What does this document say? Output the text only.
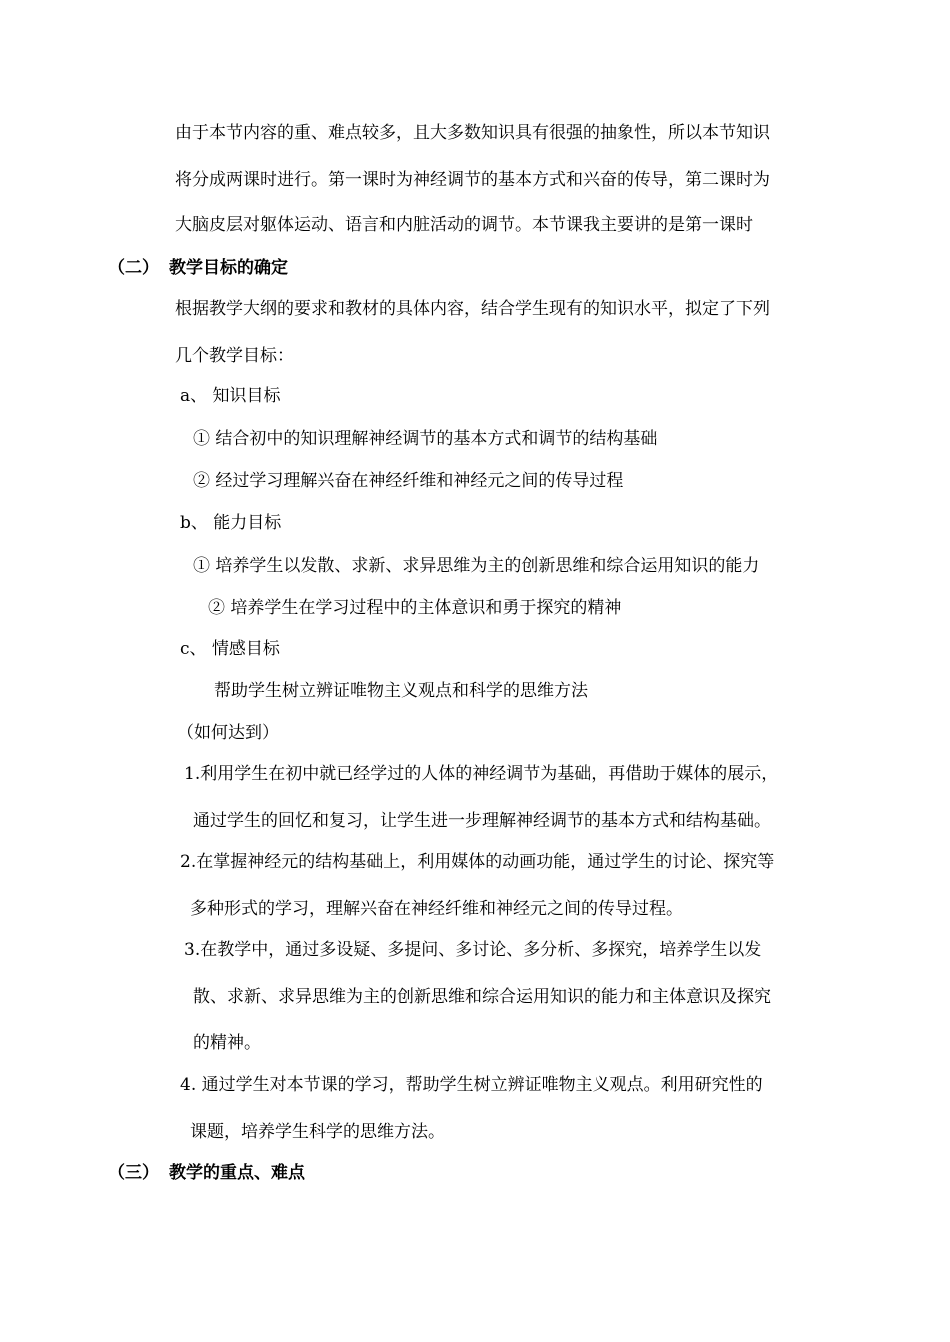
由于本节内容的重、难点较多，且大多数知识具有很强的抽象性，所以本节知识
将分成两课时进行。第一课时为神经调节的基本方式和兴奋的传导，第二课时为
大脑皮层对躯体运动、语言和内脏活动的调节。本节课我主要讲的是第一课时
（二） 教学目标的确定
根据教学大纲的要求和教材的具体内容，结合学生现有的知识水平，拟定了下列
几个教学目标：
a、 知识目标
① 结合初中的知识理解神经调节的基本方式和调节的结构基础
② 经过学习理解兴奋在神经纤维和神经元之间的传导过程
b、 能力目标
① 培养学生以发散、求新、求异思维为主的创新思维和综合运用知识的能力
② 培养学生在学习过程中的主体意识和勇于探究的精神
c、 情感目标
帮助学生树立辨证唯物主义观点和科学的思维方法
（如何达到）
1.利用学生在初中就已经学过的人体的神经调节为基础，再借助于媒体的展示，
通过学生的回忆和复习，让学生进一步理解神经调节的基本方式和结构基础。
2.在掌握神经元的结构基础上，利用媒体的动画功能，通过学生的讨论、探究等
多种形式的学习，理解兴奋在神经纤维和神经元之间的传导过程。
3.在教学中，通过多设疑、多提问、多讨论、多分析、多探究，培养学生以发
散、求新、求异思维为主的创新思维和综合运用知识的能力和主体意识及探究
的精神。
4. 通过学生对本节课的学习，帮助学生树立辨证唯物主义观点。利用研究性的
课题，培养学生科学的思维方法。
（三） 教学的重点、难点
